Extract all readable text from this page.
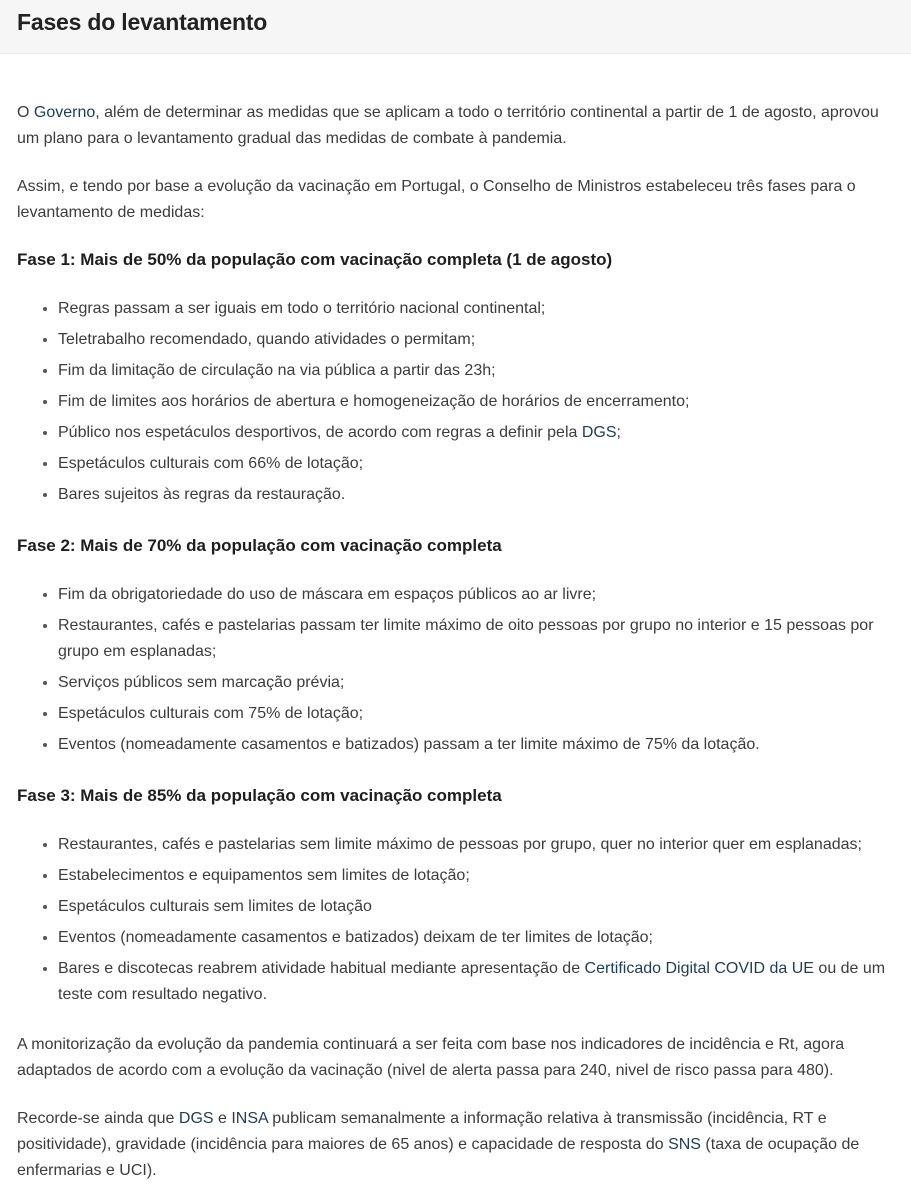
Fases do levantamento

O Governo, além de determinar as medidas que se aplicam a todo o território continental a partir de 1 de agosto, aprovou um plano para o levantamento gradual das medidas de combate à pandemia.

Assim, e tendo por base a evolução da vacinação em Portugal, o Conselho de Ministros estabeleceu três fases para o levantamento de medidas:

Fase 1: Mais de 50% da população com vacinação completa (1 de agosto)
• Regras passam a ser iguais em todo o território nacional continental;
• Teletrabalho recomendado, quando atividades o permitam;
• Fim da limitação de circulação na via pública a partir das 23h;
• Fim de limites aos horários de abertura e homogeneização de horários de encerramento;
• Público nos espetáculos desportivos, de acordo com regras a definir pela DGS;
• Espetáculos culturais com 66% de lotação;
• Bares sujeitos às regras da restauração.
Fase 2: Mais de 70% da população com vacinação completa
• Fim da obrigatoriedade do uso de máscara em espaços públicos ao ar livre;
• Restaurantes, cafés e pastelarias passam ter limite máximo de oito pessoas por grupo no interior e 15 pessoas por grupo em esplanadas;
• Serviços públicos sem marcação prévia;
• Espetáculos culturais com 75% de lotação;
• Eventos (nomeadamente casamentos e batizados) passam a ter limite máximo de 75% da lotação.
Fase 3: Mais de 85% da população com vacinação completa
• Restaurantes, cafés e pastelarias sem limite máximo de pessoas por grupo, quer no interior quer em esplanadas;
• Estabelecimentos e equipamentos sem limites de lotação;
• Espetáculos culturais sem limites de lotação
• Eventos (nomeadamente casamentos e batizados) deixam de ter limites de lotação;
• Bares e discotecas reabrem atividade habitual mediante apresentação de Certificado Digital COVID da UE ou de um teste com resultado negativo.

A monitorização da evolução da pandemia continuará a ser feita com base nos indicadores de incidência e Rt, agora adaptados de acordo com a evolução da vacinação (nivel de alerta passa para 240, nivel de risco passa para 480).

Recorde-se ainda que DGS e INSA publicam semanalmente a informação relativa à transmissão (incidência, RT e positividade), gravidade (incidência para maiores de 65 anos) e capacidade de resposta do SNS (taxa de ocupação de enfermarias e UCI).
